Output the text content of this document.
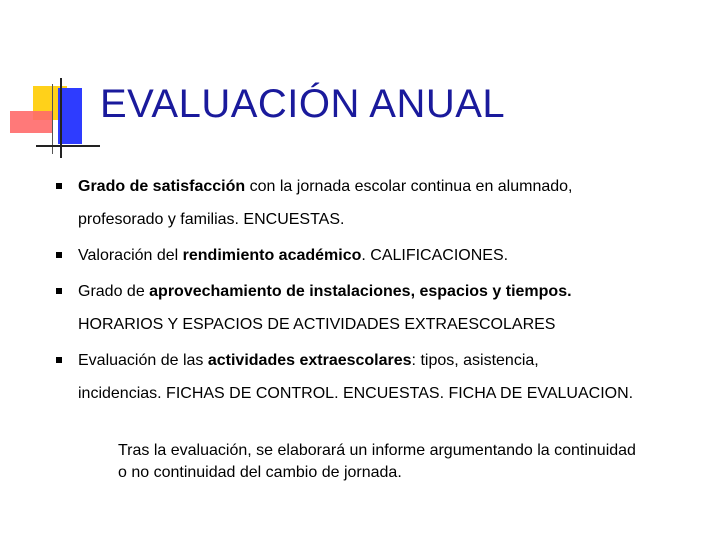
EVALUACIÓN ANUAL
Grado de satisfacción con la jornada escolar continua en alumnado,
profesorado y familias. ENCUESTAS.
Valoración del rendimiento académico. CALIFICACIONES.
Grado de aprovechamiento de instalaciones, espacios y tiempos.
HORARIOS Y ESPACIOS DE ACTIVIDADES EXTRAESCOLARES
Evaluación de las actividades extraescolares: tipos, asistencia,
incidencias. FICHAS DE CONTROL. ENCUESTAS. FICHA DE EVALUACION.
Tras la evaluación, se elaborará un informe argumentando la continuidad o no continuidad del cambio de jornada.
